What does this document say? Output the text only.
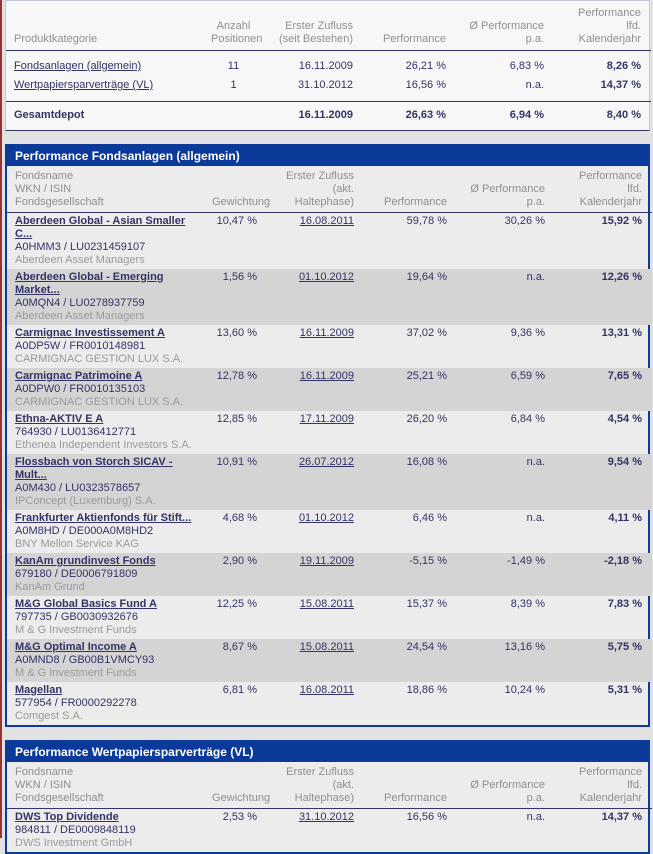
Produktkategorie	Anzahl
Positionen	Erster Zufluss
(seit Bestehen)	Performance	Ø Performance
p.a.	Performance
lfd. Kalenderjahr

Fondsanlagen (allgemein)	11	16.11.2009	26,21 %	6,83 %	8,26 %
Wertpapiersparverträge (VL)	1	31.10.2012	16,56 %	n.a.	14,37 %
Gesamtdepot		16.11.2009	26,63 %	6,94 %	8,40 %
Performance Fondsanlagen (allgemein)
Fondsname
WKN / ISIN
Fondsgesellschaft	Gewichtung	Erster Zufluss
(akt. Haltephase)	Performance	Ø Performance
p.a.	Performance
lfd. Kalenderjahr

Aberdeen Global - Asian Smaller
C...
A0HMM3 / LU0231459107
Aberdeen Asset Managers	10,47 %	16.08.2011	59,78 %	30,26 %	15,92 %

Aberdeen Global - Emerging
Market...
A0MQN4 / LU0278937759
Aberdeen Asset Managers	1,56 %	01.10.2012	19,64 %	n.a.	12,26 %

Carmignac Investissement A
A0DP5W / FR0010148981
CARMIGNAC GESTION LUX S.A.	13,60 %	16.11.2009	37,02 %	9,36 %	13,31 %

Carmignac Patrimoine A
A0DPW0 / FR0010135103
CARMIGNAC GESTION LUX S.A.	12,78 %	16.11.2009	25,21 %	6,59 %	7,65 %

Ethna-AKTIV E A
764930 / LU0136412771
Ethenea Independent Investors S.A.	12,85 %	17.11.2009	26,20 %	6,84 %	4,54 %

Flossbach von Storch SICAV -
Mult...
A0M430 / LU0323578657
IPConcept (Luxemburg) S.A.	10,91 %	26.07.2012	16,08 %	n.a.	9,54 %

Frankfurter Aktienfonds für Stift...
A0M8HD / DE000A0M8HD2
BNY Mellon Service KAG	4,68 %	01.10.2012	6,46 %	n.a.	4,11 %

KanAm grundinvest Fonds
679180 / DE0006791809
KanAm Grund	2,90 %	19.11.2009	-5,15 %	-1,49 %	-2,18 %

M&G Global Basics Fund A
797735 / GB0030932676
M & G Investment Funds	12,25 %	15.08.2011	15,37 %	8,39 %	7,83 %

M&G Optimal Income A
A0MND8 / GB00B1VMCY93
M & G Investment Funds	8,67 %	15.08.2011	24,54 %	13,16 %	5,75 %

Magellan
577954 / FR0000292278
Comgest S.A.	6,81 %	16.08.2011	18,86 %	10,24 %	5,31 %
Performance Wertpapiersparverträge (VL)
Fondsname
WKN / ISIN
Fondsgesellschaft	Gewichtung	Erster Zufluss
(akt. Haltephase)	Performance	Ø Performance
p.a.	Performance
lfd. Kalenderjahr

DWS Top Dividende
984811 / DE0009848119
DWS Investment GmbH	2,53 %	31.10.2012	16,56 %	n.a.	14,37 %
